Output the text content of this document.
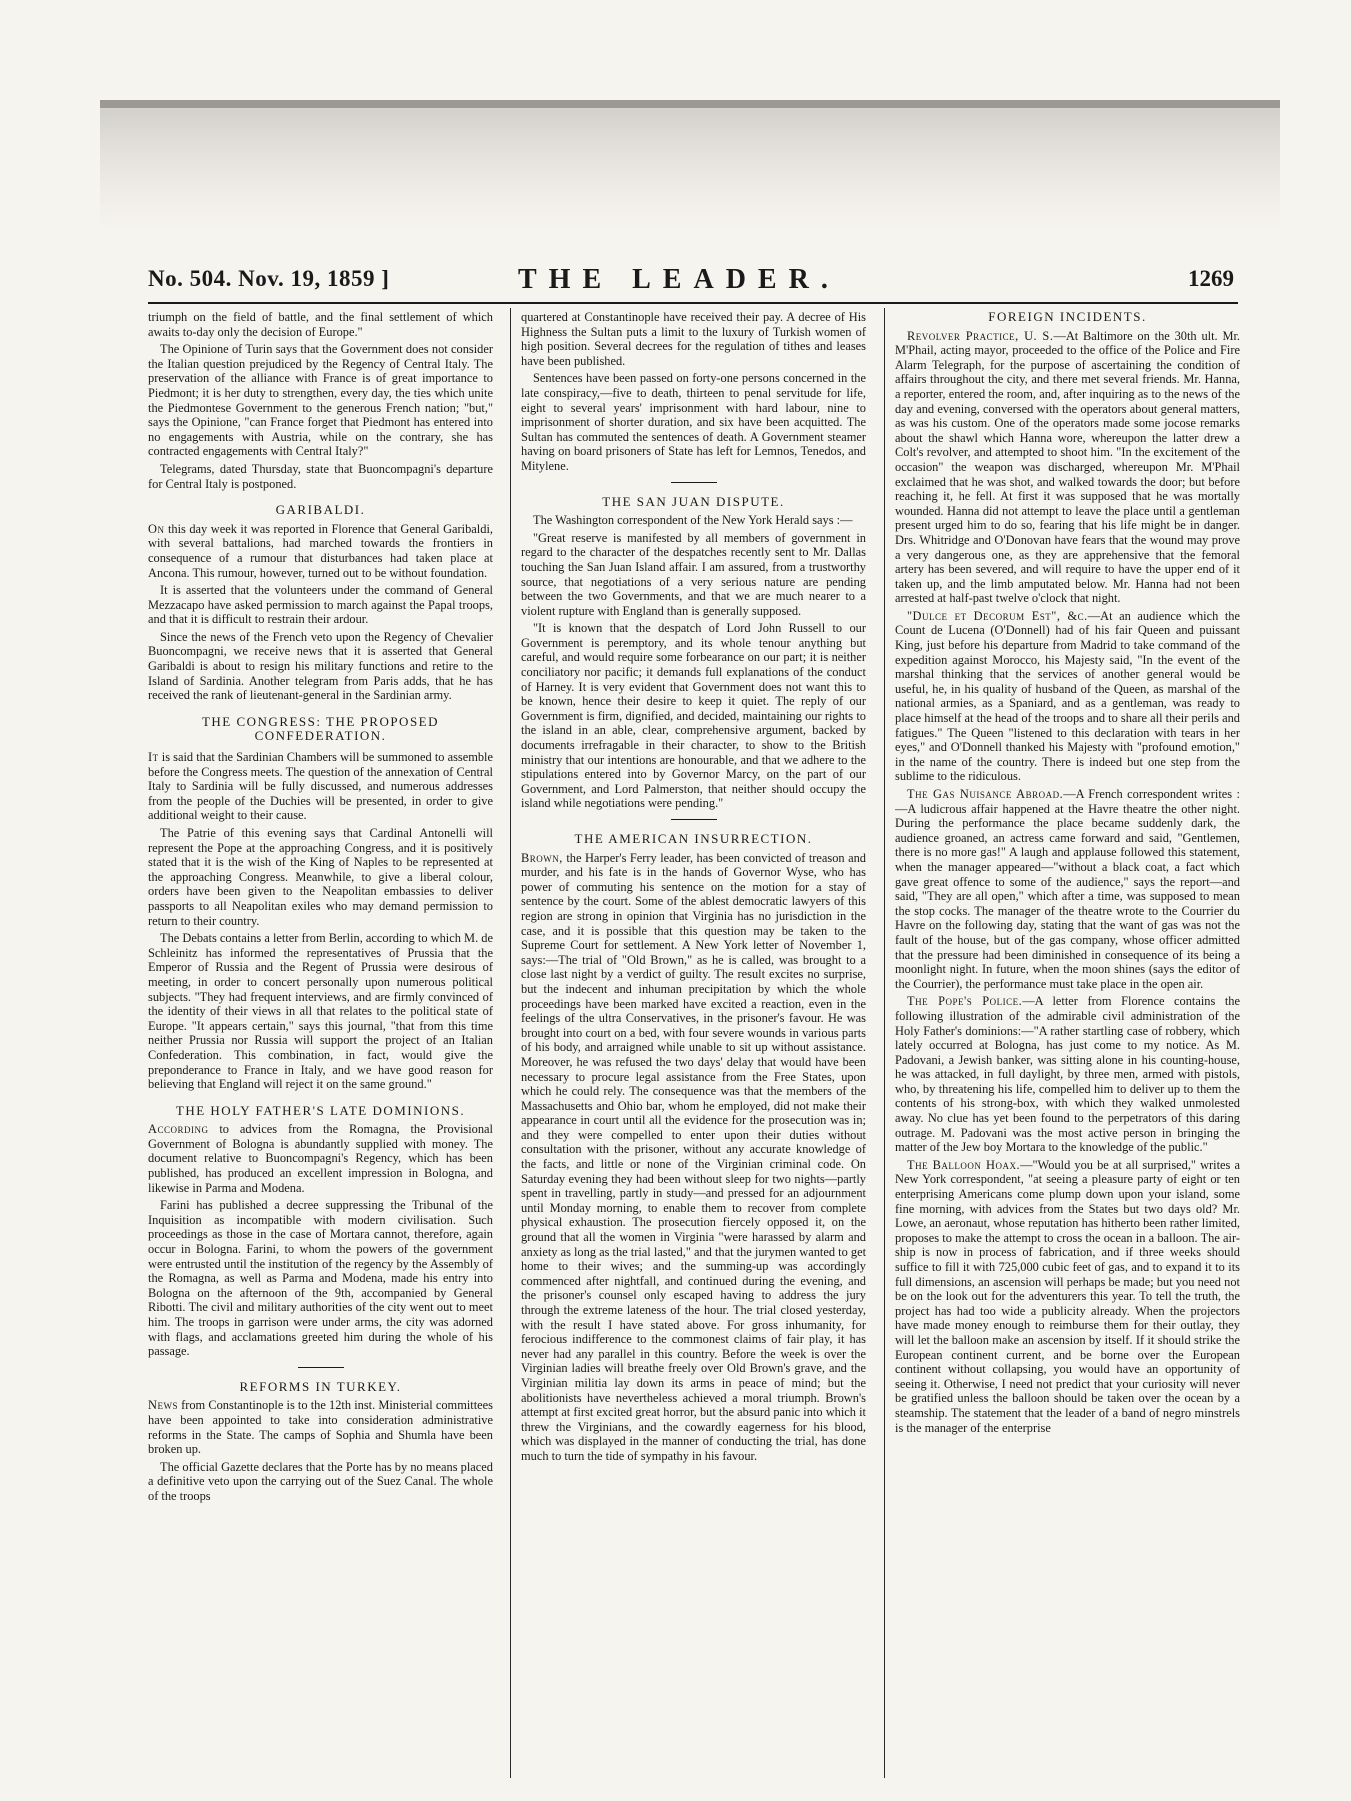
No. 504. Nov. 19, 1859 ]	THE LEADER.	1269

triumph on the field of battle, and the final settlement of which awaits to-day only the decision of Europe."

The Opinione of Turin says that the Government does not consider the Italian question prejudiced by the Regency of Central Italy. The preservation of the alliance with France is of great importance to Piedmont; it is her duty to strengthen, every day, the ties which unite the Piedmontese Government to the generous French nation; "but," says the Opinione, "can France forget that Piedmont has entered into no engagements with Austria, while on the contrary, she has contracted engagements with Central Italy?"

Telegrams, dated Thursday, state that Buoncompagni's departure for Central Italy is postponed.

GARIBALDI.

On this day week it was reported in Florence that General Garibaldi, with several battalions, had marched towards the frontiers in consequence of a rumour that disturbances had taken place at Ancona. This rumour, however, turned out to be without foundation.

It is asserted that the volunteers under the command of General Mezzacapo have asked permission to march against the Papal troops, and that it is difficult to restrain their ardour.

Since the news of the French veto upon the Regency of Chevalier Buoncompagni, we receive news that it is asserted that General Garibaldi is about to resign his military functions and retire to the Island of Sardinia. Another telegram from Paris adds, that he has received the rank of lieutenant-general in the Sardinian army.

THE CONGRESS: THE PROPOSED
CONFEDERATION.

It is said that the Sardinian Chambers will be summoned to assemble before the Congress meets. The question of the annexation of Central Italy to Sardinia will be fully discussed, and numerous addresses from the people of the Duchies will be presented, in order to give additional weight to their cause.

The Patrie of this evening says that Cardinal Antonelli will represent the Pope at the approaching Congress, and it is positively stated that it is the wish of the King of Naples to be represented at the approaching Congress. Meanwhile, to give a liberal colour, orders have been given to the Neapolitan embassies to deliver passports to all Neapolitan exiles who may demand permission to return to their country.

The Debats contains a letter from Berlin, according to which M. de Schleinitz has informed the representatives of Prussia that the Emperor of Russia and the Regent of Prussia were desirous of meeting, in order to concert personally upon numerous political subjects. "They had frequent interviews, and are firmly convinced of the identity of their views in all that relates to the political state of Europe. "It appears certain," says this journal, "that from this time neither Prussia nor Russia will support the project of an Italian Confederation. This combination, in fact, would give the preponderance to France in Italy, and we have good reason for believing that England will reject it on the same ground."

THE HOLY FATHER'S LATE DOMINIONS.

According to advices from the Romagna, the Provisional Government of Bologna is abundantly supplied with money. The document relative to Buoncompagni's Regency, which has been published, has produced an excellent impression in Bologna, and likewise in Parma and Modena.

Farini has published a decree suppressing the Tribunal of the Inquisition as incompatible with modern civilisation. Such proceedings as those in the case of Mortara cannot, therefore, again occur in Bologna. Farini, to whom the powers of the government were entrusted until the institution of the regency by the Assembly of the Romagna, as well as Parma and Modena, made his entry into Bologna on the afternoon of the 9th, accompanied by General Ribotti. The civil and military authorities of the city went out to meet him. The troops in garrison were under arms, the city was adorned with flags, and acclamations greeted him during the whole of his passage.

REFORMS IN TURKEY.

News from Constantinople is to the 12th inst. Ministerial committees have been appointed to take into consideration administrative reforms in the State. The camps of Sophia and Shumla have been broken up.

The official Gazette declares that the Porte has by no means placed a definitive veto upon the carrying out of the Suez Canal. The whole of the troops

quartered at Constantinople have received their pay. A decree of His Highness the Sultan puts a limit to the luxury of Turkish women of high position. Several decrees for the regulation of tithes and leases have been published.

Sentences have been passed on forty-one persons concerned in the late conspiracy,—five to death, thirteen to penal servitude for life, eight to several years' imprisonment with hard labour, nine to imprisonment of shorter duration, and six have been acquitted. The Sultan has commuted the sentences of death. A Government steamer having on board prisoners of State has left for Lemnos, Tenedos, and Mitylene.

THE SAN JUAN DISPUTE.

The Washington correspondent of the New York Herald says :—

"Great reserve is manifested by all members of government in regard to the character of the despatches recently sent to Mr. Dallas touching the San Juan Island affair. I am assured, from a trustworthy source, that negotiations of a very serious nature are pending between the two Governments, and that we are much nearer to a violent rupture with England than is generally supposed.

"It is known that the despatch of Lord John Russell to our Government is peremptory, and its whole tenour anything but careful, and would require some forbearance on our part; it is neither conciliatory nor pacific; it demands full explanations of the conduct of Harney. It is very evident that Government does not want this to be known, hence their desire to keep it quiet. The reply of our Government is firm, dignified, and decided, maintaining our rights to the island in an able, clear, comprehensive argument, backed by documents irrefragable in their character, to show to the British ministry that our intentions are honourable, and that we adhere to the stipulations entered into by Governor Marcy, on the part of our Government, and Lord Palmerston, that neither should occupy the island while negotiations were pending."

THE AMERICAN INSURRECTION.

Brown, the Harper's Ferry leader, has been convicted of treason and murder, and his fate is in the hands of Governor Wyse, who has power of commuting his sentence on the motion for a stay of sentence by the court. Some of the ablest democratic lawyers of this region are strong in opinion that Virginia has no jurisdiction in the case, and it is possible that this question may be taken to the Supreme Court for settlement. A New York letter of November 1, says:—The trial of "Old Brown," as he is called, was brought to a close last night by a verdict of guilty. The result excites no surprise, but the indecent and inhuman precipitation by which the whole proceedings have been marked have excited a reaction, even in the feelings of the ultra Conservatives, in the prisoner's favour. He was brought into court on a bed, with four severe wounds in various parts of his body, and arraigned while unable to sit up without assistance. Moreover, he was refused the two days' delay that would have been necessary to procure legal assistance from the Free States, upon which he could rely. The consequence was that the members of the Massachusetts and Ohio bar, whom he employed, did not make their appearance in court until all the evidence for the prosecution was in; and they were compelled to enter upon their duties without consultation with the prisoner, without any accurate knowledge of the facts, and little or none of the Virginian criminal code. On Saturday evening they had been without sleep for two nights—partly spent in travelling, partly in study—and pressed for an adjournment until Monday morning, to enable them to recover from complete physical exhaustion. The prosecution fiercely opposed it, on the ground that all the women in Virginia "were harassed by alarm and anxiety as long as the trial lasted," and that the jurymen wanted to get home to their wives; and the summing-up was accordingly commenced after nightfall, and continued during the evening, and the prisoner's counsel only escaped having to address the jury through the extreme lateness of the hour. The trial closed yesterday, with the result I have stated above. For gross inhumanity, for ferocious indifference to the commonest claims of fair play, it has never had any parallel in this country. Before the week is over the Virginian ladies will breathe freely over Old Brown's grave, and the Virginian militia lay down its arms in peace of mind; but the abolitionists have nevertheless achieved a moral triumph. Brown's attempt at first excited great horror, but the absurd panic into which it threw the Virginians, and the cowardly eagerness for his blood, which was displayed in the manner of conducting the trial, has done much to turn the tide of sympathy in his favour.

FOREIGN INCIDENTS.

Revolver Practice, U. S.—At Baltimore on the 30th ult. Mr. M'Phail, acting mayor, proceeded to the office of the Police and Fire Alarm Telegraph, for the purpose of ascertaining the condition of affairs throughout the city, and there met several friends. Mr. Hanna, a reporter, entered the room, and, after inquiring as to the news of the day and evening, conversed with the operators about general matters, as was his custom. One of the operators made some jocose remarks about the shawl which Hanna wore, whereupon the latter drew a Colt's revolver, and attempted to shoot him. "In the excitement of the occasion" the weapon was discharged, whereupon Mr. M'Phail exclaimed that he was shot, and walked towards the door; but before reaching it, he fell. At first it was supposed that he was mortally wounded. Hanna did not attempt to leave the place until a gentleman present urged him to do so, fearing that his life might be in danger. Drs. Whitridge and O'Donovan have fears that the wound may prove a very dangerous one, as they are apprehensive that the femoral artery has been severed, and will require to have the upper end of it taken up, and the limb amputated below. Mr. Hanna had not been arrested at half-past twelve o'clock that night.

"Dulce et Decorum Est", &c.—At an audience which the Count de Lucena (O'Donnell) had of his fair Queen and puissant King, just before his departure from Madrid to take command of the expedition against Morocco, his Majesty said, "In the event of the marshal thinking that the services of another general would be useful, he, in his quality of husband of the Queen, as marshal of the national armies, as a Spaniard, and as a gentleman, was ready to place himself at the head of the troops and to share all their perils and fatigues." The Queen "listened to this declaration with tears in her eyes," and O'Donnell thanked his Majesty with "profound emotion," in the name of the country. There is indeed but one step from the sublime to the ridiculous.

The Gas Nuisance Abroad.—A French correspondent writes :—A ludicrous affair happened at the Havre theatre the other night. During the performance the place became suddenly dark, the audience groaned, an actress came forward and said, "Gentlemen, there is no more gas!" A laugh and applause followed this statement, when the manager appeared—"without a black coat, a fact which gave great offence to some of the audience," says the report—and said, "They are all open," which after a time, was supposed to mean the stop cocks. The manager of the theatre wrote to the Courrier du Havre on the following day, stating that the want of gas was not the fault of the house, but of the gas company, whose officer admitted that the pressure had been diminished in consequence of its being a moonlight night. In future, when the moon shines (says the editor of the Courrier), the performance must take place in the open air.

The Pope's Police.—A letter from Florence contains the following illustration of the admirable civil administration of the Holy Father's dominions:—"A rather startling case of robbery, which lately occurred at Bologna, has just come to my notice. As M. Padovani, a Jewish banker, was sitting alone in his counting-house, he was attacked, in full daylight, by three men, armed with pistols, who, by threatening his life, compelled him to deliver up to them the contents of his strong-box, with which they walked unmolested away. No clue has yet been found to the perpetrators of this daring outrage. M. Padovani was the most active person in bringing the matter of the Jew boy Mortara to the knowledge of the public."

The Balloon Hoax.—"Would you be at all surprised," writes a New York correspondent, "at seeing a pleasure party of eight or ten enterprising Americans come plump down upon your island, some fine morning, with advices from the States but two days old? Mr. Lowe, an aeronaut, whose reputation has hitherto been rather limited, proposes to make the attempt to cross the ocean in a balloon. The air-ship is now in process of fabrication, and if three weeks should suffice to fill it with 725,000 cubic feet of gas, and to expand it to its full dimensions, an ascension will perhaps be made; but you need not be on the look out for the adventurers this year. To tell the truth, the project has had too wide a publicity already. When the projectors have made money enough to reimburse them for their outlay, they will let the balloon make an ascension by itself. If it should strike the European continent current, and be borne over the European continent without collapsing, you would have an opportunity of seeing it. Otherwise, I need not predict that your curiosity will never be gratified unless the balloon should be taken over the ocean by a steamship. The statement that the leader of a band of negro minstrels is the manager of the enterprise
